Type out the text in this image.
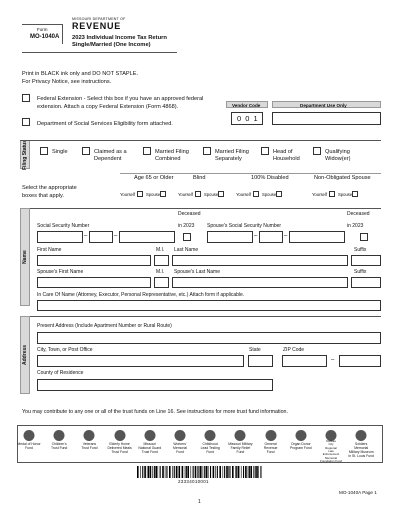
Form
MO-1040A
MISSOURI DEPARTMENT OF
REVENUE
2023 Individual Income Tax Return
Single/Married (One Income)
Print in BLACK ink only and DO NOT STAPLE.
For Privacy Notice, see instructions.
Federal Extension - Select this box if you have an approved federal
extension. Attach a copy Federal Extension (Form 4868).
Department of Social Services Eligibility form attached.
Vendor Code	Department Use Only
0 0 1
Filing Status	Single	Claimed as a
Dependent
Married Filing
Combined
Married Filing
Separately
Head of
Household
Qualifying
Widow(er)
Age 65 or Older	Blind	100% Disabled	Non-Obligated Spouse
Select the appropriate
boxes that apply.	Yourself	Spouse	Yourself	Spouse	Yourself	Spouse	Yourself	Spouse
Name
Social Security Number
Deceased
in 2023	Spouse's Social Security Number
Deceased
in 2023
–	–	–	–
First Name	M.I. Last Name	Suffix
Spouse's First Name	M.I. Spouse's Last Name	Suffix
In Care Of Name (Attorney, Executor, Personal Representative, etc.) Attach form if applicable.
Address
Present Address (Include Apartment Number or Rural Route)
City, Town, or Post Office	State	ZIP Code
–
County of Residence
You may contribute to any one or all of the trust funds on Line 16. See instructions for more trust fund information.
Medal of Honor
Fund
Children's
Trust Fund
Veterans
Trust Fund
Elderly Home
Delivered Meals
Trust Fund
Missouri
National Guard
Trust Fund
Workers'
Memorial
Fund
Childhood
Lead Testing
Fund
Missouri Military
Family Relief
Fund
General
Revenue
Fund
Organ Donor
Program Fund
Kansas
City
Regional
Law
Enforcement
Memorial
Foundation Fund
Soldiers
Memorial
Military Museum
in St. Louis Fund
23334010001
1
MO-1040A Page 1
